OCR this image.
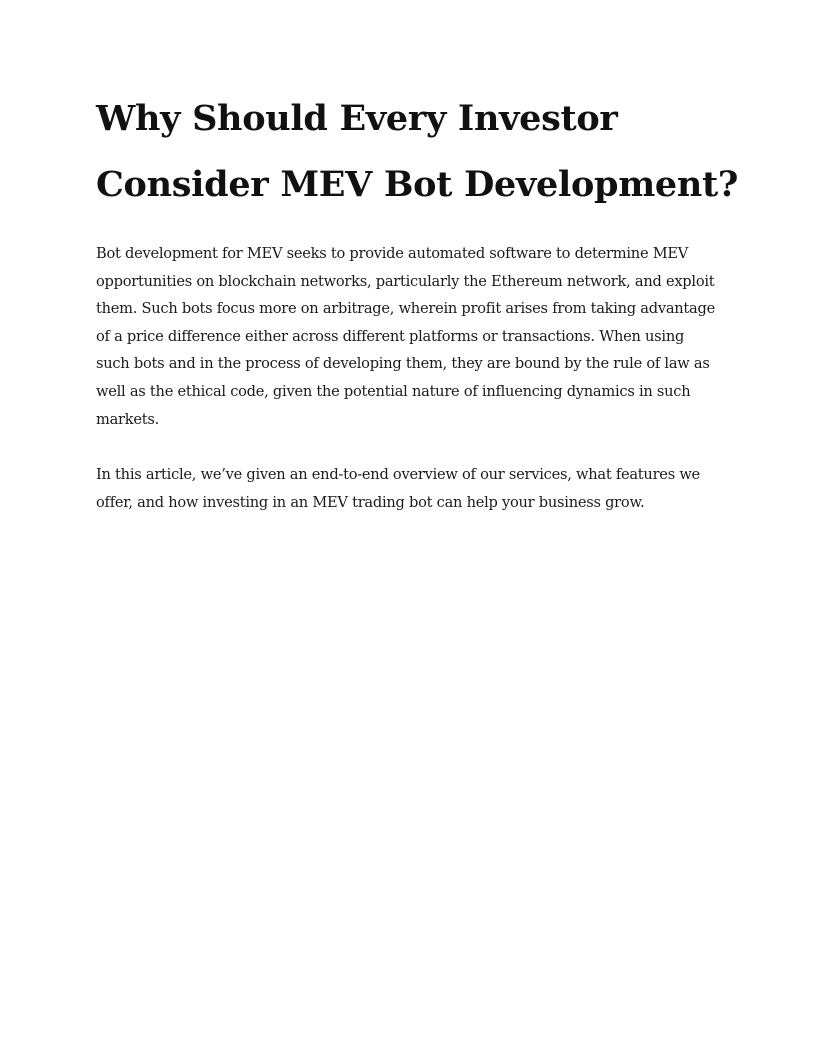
Why Should Every Investor
Consider MEV Bot Development?

Bot development for MEV seeks to provide automated software to determine MEV
opportunities on blockchain networks, particularly the Ethereum network, and exploit
them. Such bots focus more on arbitrage, wherein profit arises from taking advantage
of a price difference either across different platforms or transactions. When using
such bots and in the process of developing them, they are bound by the rule of law as
well as the ethical code, given the potential nature of influencing dynamics in such
markets.

In this article, we’ve given an end-to-end overview of our services, what features we
offer, and how investing in an MEV trading bot can help your business grow.
